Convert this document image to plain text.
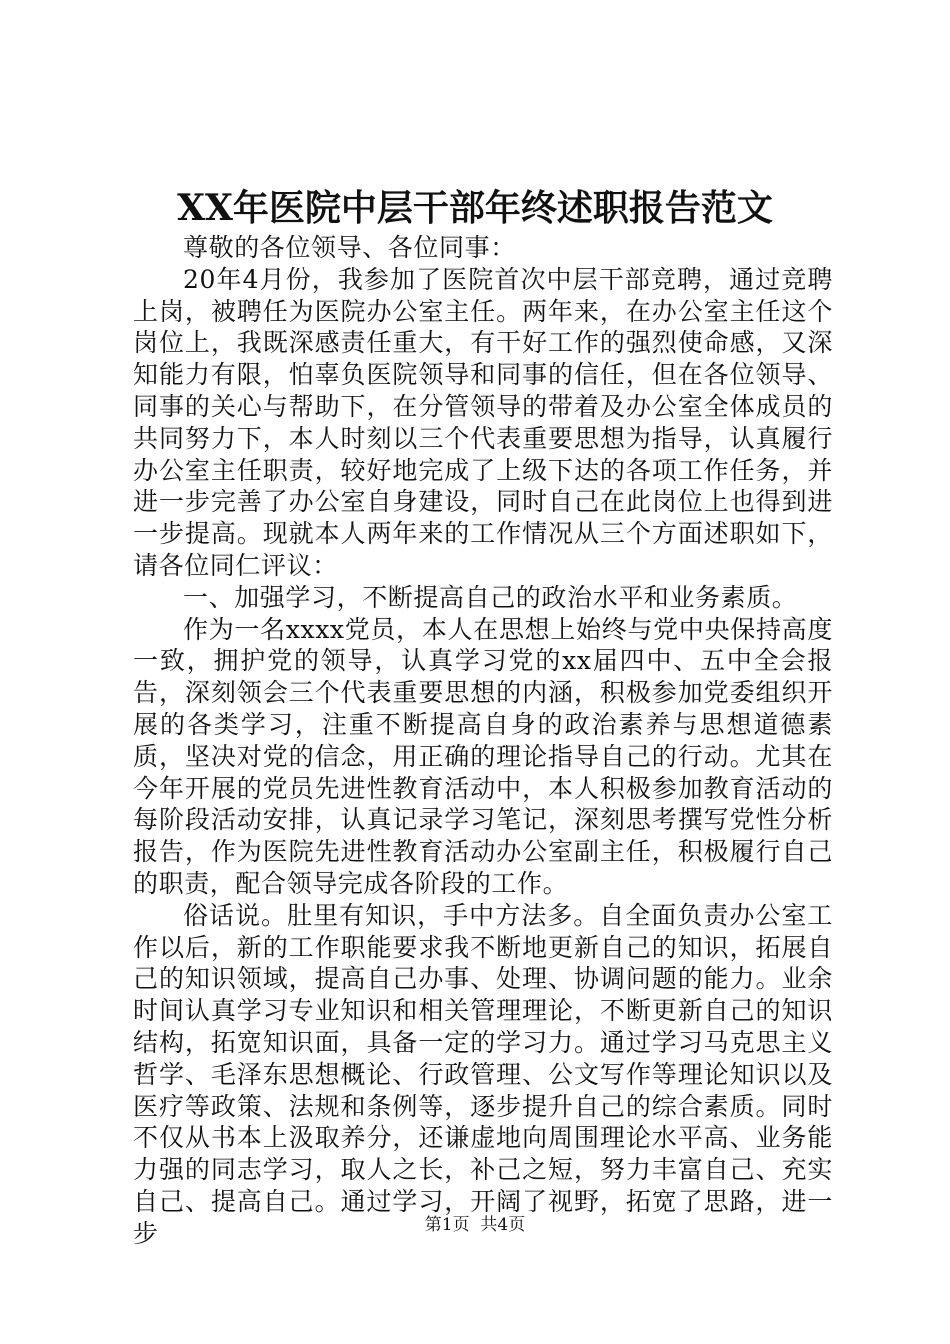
XX年医院中层干部年终述职报告范文

尊敬的各位领导、各位同事：

20年4月份，我参加了医院首次中层干部竞聘，通过竞聘上岗，被聘任为医院办公室主任。两年来，在办公室主任这个岗位上，我既深感责任重大，有干好工作的强烈使命感，又深知能力有限，怕辜负医院领导和同事的信任，但在各位领导、同事的关心与帮助下，在分管领导的带着及办公室全体成员的共同努力下，本人时刻以三个代表重要思想为指导，认真履行办公室主任职责，较好地完成了上级下达的各项工作任务，并进一步完善了办公室自身建设，同时自己在此岗位上也得到进一步提高。现就本人两年来的工作情况从三个方面述职如下，请各位同仁评议：

一、加强学习，不断提高自己的政治水平和业务素质。

作为一名xxxx党员，本人在思想上始终与党中央保持高度一致，拥护党的领导，认真学习党的xx届四中、五中全会报告，深刻领会三个代表重要思想的内涵，积极参加党委组织开展的各类学习，注重不断提高自身的政治素养与思想道德素质，坚决对党的信念，用正确的理论指导自己的行动。尤其在今年开展的党员先进性教育活动中，本人积极参加教育活动的每阶段活动安排，认真记录学习笔记，深刻思考撰写党性分析报告，作为医院先进性教育活动办公室副主任，积极履行自己的职责，配合领导完成各阶段的工作。

俗话说。肚里有知识，手中方法多。自全面负责办公室工作以后，新的工作职能要求我不断地更新自己的知识，拓展自己的知识领域，提高自己办事、处理、协调问题的能力。业余时间认真学习专业知识和相关管理理论，不断更新自己的知识结构，拓宽知识面，具备一定的学习力。通过学习马克思主义哲学、毛泽东思想概论、行政管理、公文写作等理论知识以及医疗等政策、法规和条例等，逐步提升自己的综合素质。同时不仅从书本上汲取养分，还谦虚地向周围理论水平高、业务能力强的同志学习，取人之长，补己之短，努力丰富自己、充实自己、提高自己。通过学习，开阔了视野，拓宽了思路，进一步	第1页  共4页
